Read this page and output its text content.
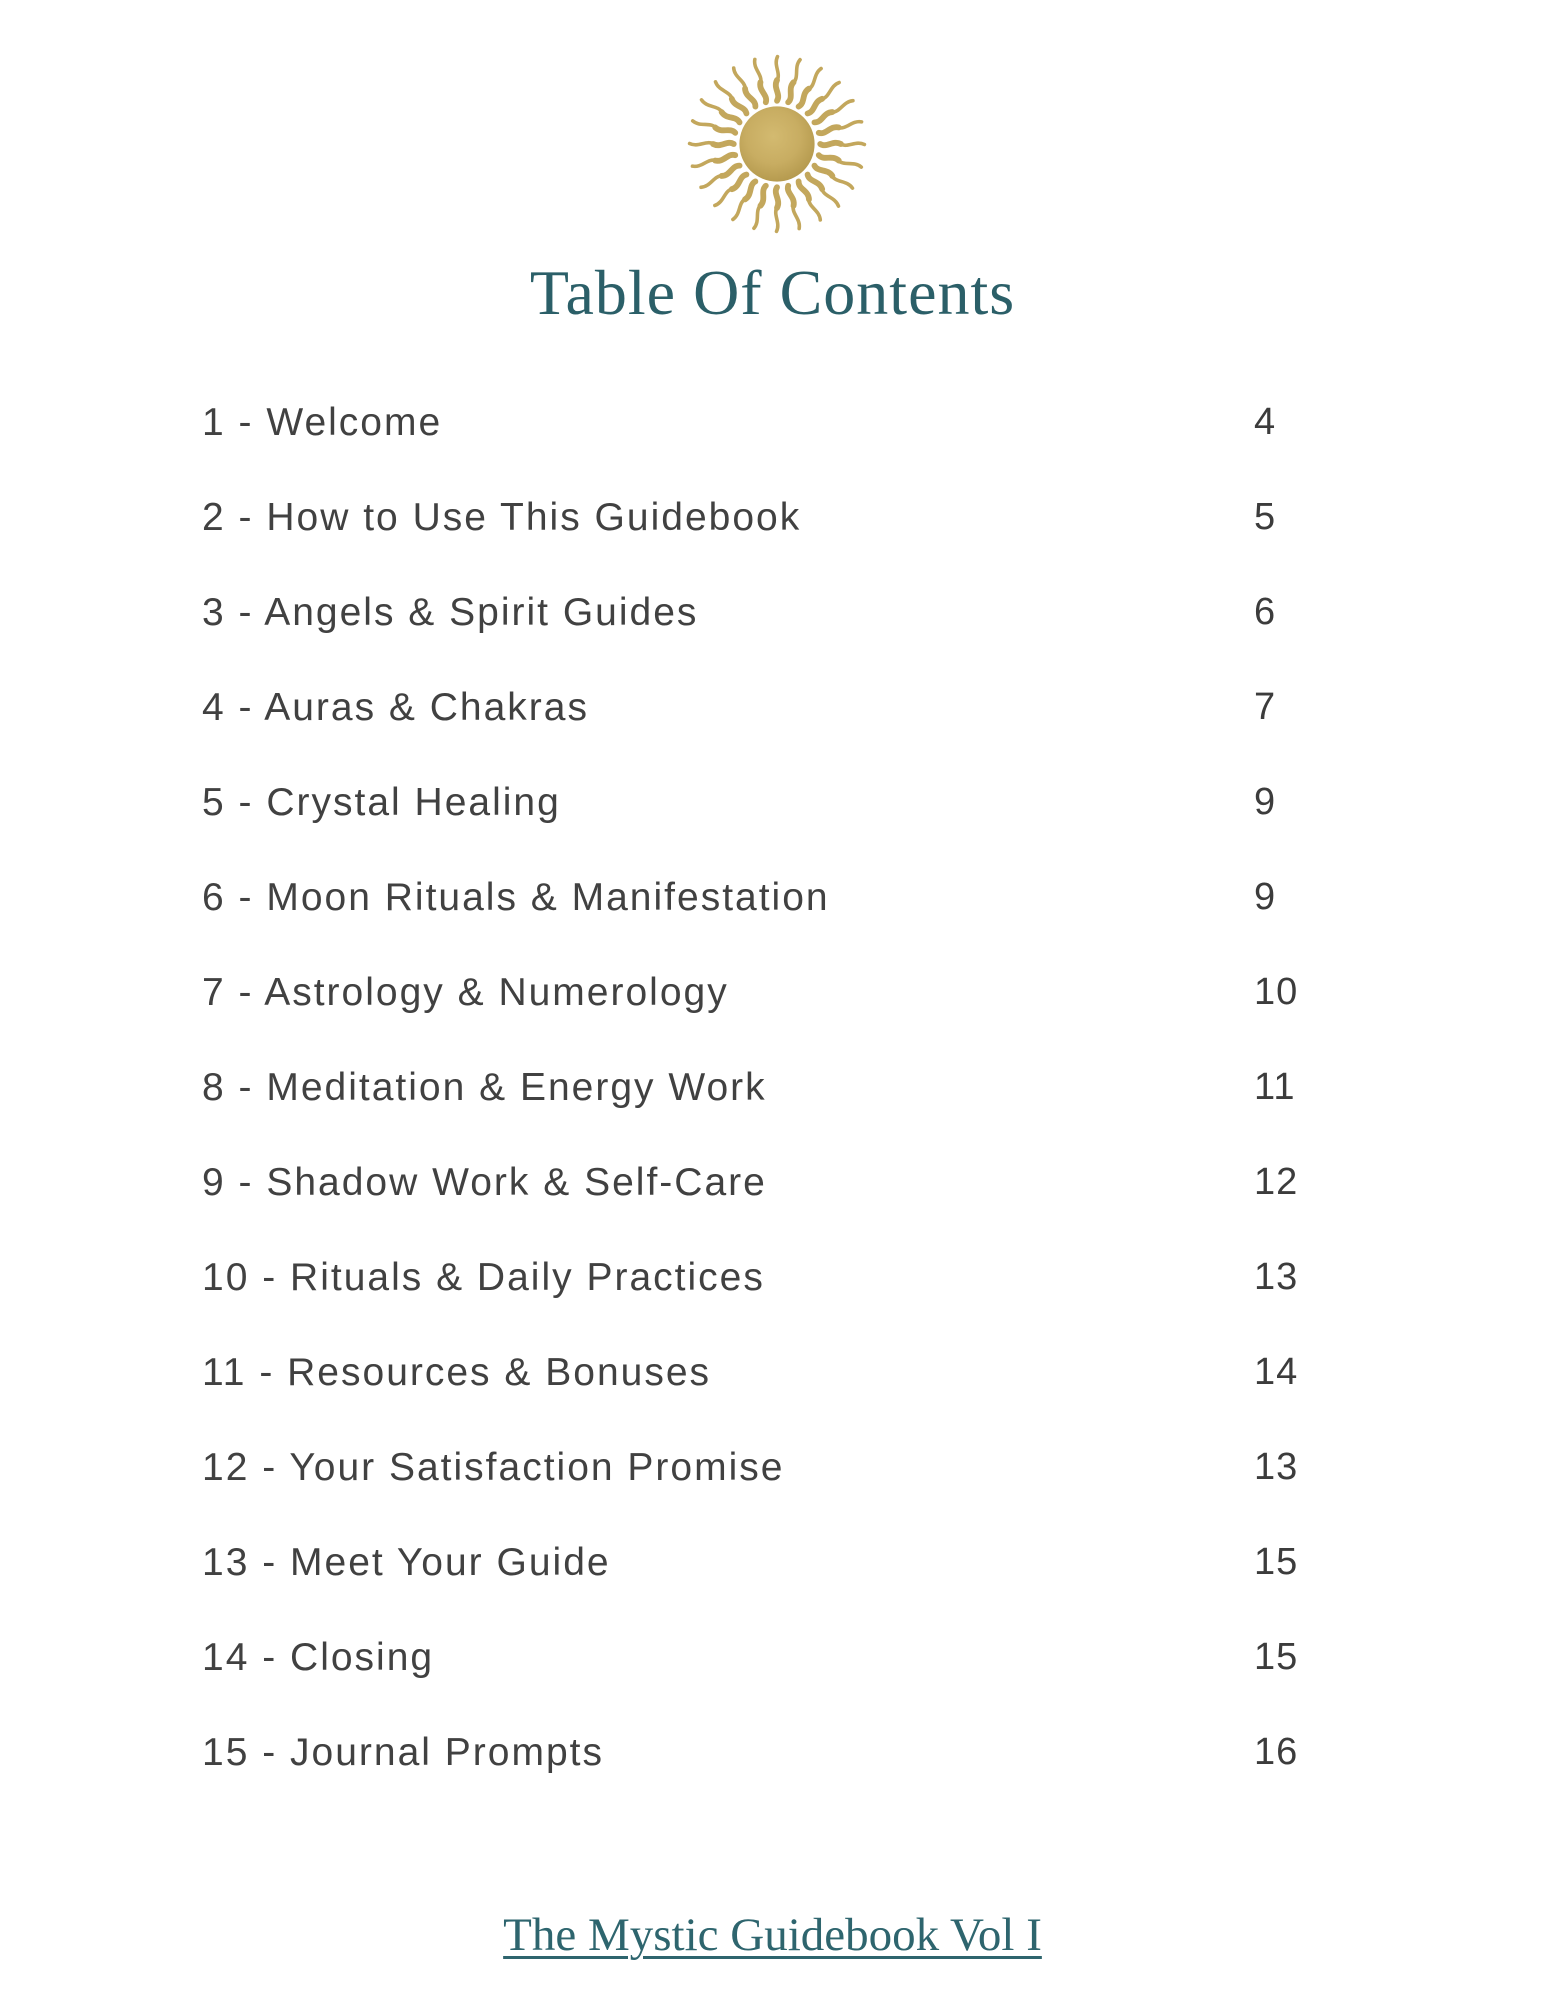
Table Of Contents
1 - Welcome	4
2 - How to Use This Guidebook	5
3 - Angels & Spirit Guides	6
4 - Auras & Chakras	7
5 - Crystal Healing	9
6 - Moon Rituals & Manifestation	9
7 - Astrology & Numerology	10
8 - Meditation & Energy Work	11
9 - Shadow Work & Self-Care	12
10 - Rituals & Daily Practices	13
11 - Resources & Bonuses	14
12 - Your Satisfaction Promise	13
13 - Meet Your Guide	15
14 - Closing	15
15 - Journal Prompts	16
The Mystic Guidebook Vol I
